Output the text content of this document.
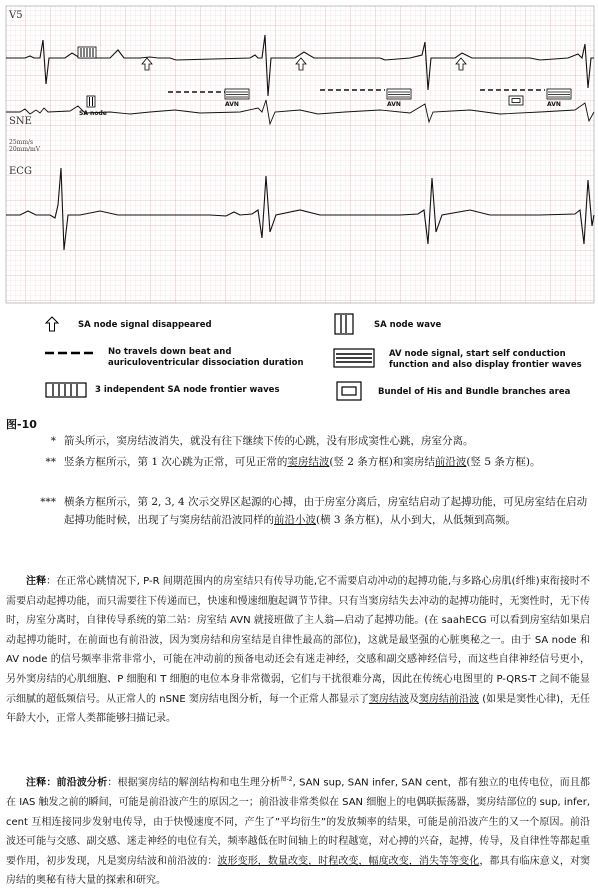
V5
SNE
ECG
25mm/s
20mm/mV
SA node
AVN	AVN	AVN
SA node signal disappeared	SA node wave
No travels down beat and auriculoventricular dissociation duration
AV node signal, start self conduction function and also display frontier waves
3 independent SA node frontier waves	Bundel of His and Bundle branches area
图-10
* 箭头所示，窦房结波消失，就没有往下继续下传的心跳，没有形成窦性心跳，房室分离。
** 竖条方框所示，第 1 次心跳为正常，可见正常的窦房结波(竖 2 条方框)和窦房结前沿波(竖 5 条方框)。
*** 横条方框所示，第 2, 3, 4 次示交界区起源的心搏，由于房室分离后，房室结启动了起搏功能，可见房室结在启动起搏功能时候，出现了与窦房结前沿波同样的前沿小波(横 3 条方框)，从小到大，从低频到高频。
注释：在正常心跳情况下, P-R 间期范围内的房室结只有传导功能,它不需要启动冲动的起搏功能,与多路心房肌(纤维)束衔接时不需要启动起搏功能，而只需要往下传递而已，快速和慢速细胞起调节节律。只有当窦房结失去冲动的起搏功能时，无窦性时，无下传时，房室分离时，自律传导系统的第二站：房室结 AVN 就接班做了主人翁—启动了起搏功能。(在 saahECG 可以看到房室结如果启动起搏功能时，在前面也有前沿波，因为窦房结和房室结是自律性最高的部位)，这就是最坚强的心脏奥秘之一。由于 SA node 和 AV node 的信号频率非常非常小，可能在冲动前的预备电动还会有迷走神经，交感和副交感神经信号，而这些自律神经信号更小，另外窦房结的心肌细胞、P 细胞和 T 细胞的电位本身非常微弱，它们与干扰很难分离，因此在传统心电图里的 P-QRS-T 之间不能显示细腻的超低频信号。从正常人的 nSNE 窦房结电图分析，每一个正常人都显示了窦房结波及窦房结前沿波 (如果是窦性心律)，无任年龄大小，正常人类都能够扫描记录。
注释：前沿波分析：根据窦房结的解剖结构和电生理分析$^{图-2}$, SAN sup, SAN infer, SAN cent，都有独立的电传电位，而且都在 IAS 触发之前的瞬间，可能是前沿波产生的原因之一；前沿波非常类似在 SAN 细胞上的电偶联振荡器，窦房结部位的 sup, infer, cent 互相连接同步发射电传导，由于快慢速度不同，产生了”平均衍生”的发放频率的结果，可能是前沿波产生的又一个原因。前沿波还可能与交感、副交感、迷走神经的电位有关，频率越低在时间轴上的时程越宽，对心搏的兴奋，起搏，传导，及自律性等都起重要作用，初步发现，凡是窦房结波和前沿波的：波形变形，数量改变，时程改变，幅度改变，消失等等变化，都具有临床意义，对窦房结的奥秘有待大量的探索和研究。
